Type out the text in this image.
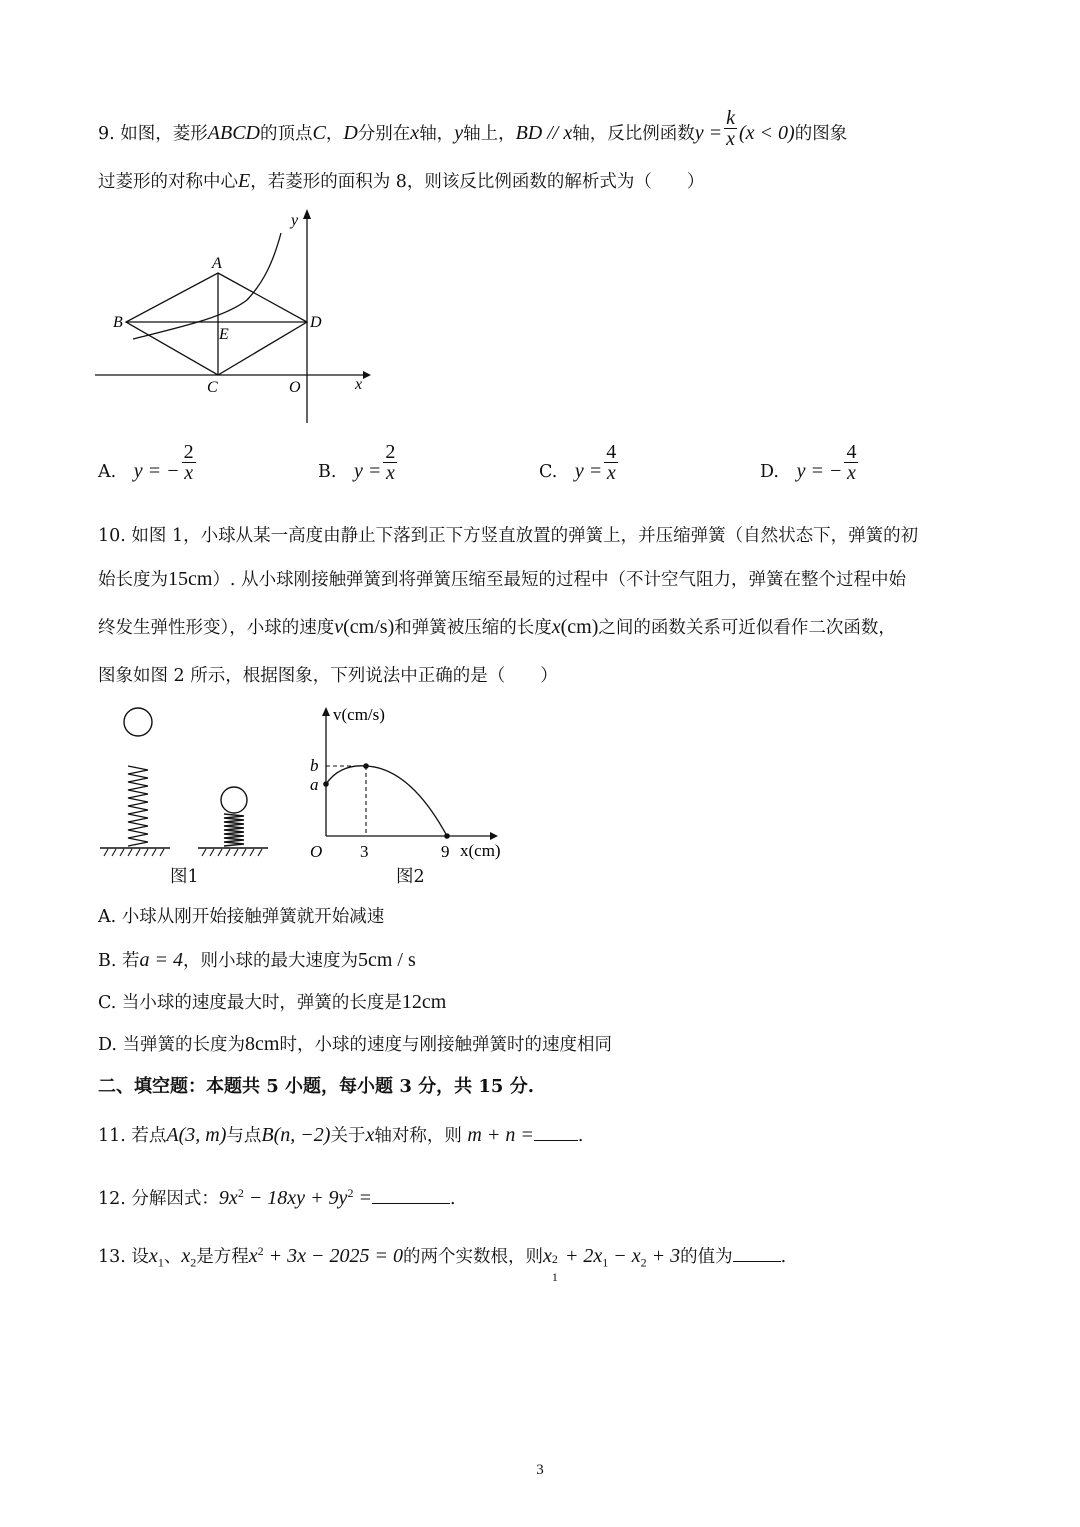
9. 如图，菱形ABCD的顶点C，D分别在x轴，y轴上，BD // x轴，反比例函数$y = \frac{k}{x} (x < 0)$的图象
过菱形的对称中心E，若菱形的面积为 8，则该反比例函数的解析式为（　　）
A
B
C
D
E
O	x
y
A. y = − $\frac{2}{x}$	B. $y = \frac{2}{x}$	C. $y = \frac{4}{x}$	D. y = − $\frac{4}{x}$
10. 如图 1，小球从某一高度由静止下落到正下方竖直放置的弹簧上，并压缩弹簧（自然状态下，弹簧的初
始长度为15cm）. 从小球刚接触弹簧到将弹簧压缩至最短的过程中（不计空气阻力，弹簧在整个过程中始
终发生弹性形变），小球的速度v(cm/s)和弹簧被压缩的长度x(cm)之间的函数关系可近似看作二次函数，
图象如图 2 所示，根据图象，下列说法中正确的是（　　）
图1
v(cm/s)
x(cm)
O
b
a
3	9
图2
A. 小球从刚开始接触弹簧就开始减速
B. 若a = 4，则小球的最大速度为5cm / s
C. 当小球的速度最大时，弹簧的长度是12cm
D. 当弹簧的长度为8cm时，小球的速度与刚接触弹簧时的速度相同
二、填空题：本题共 5 小题，每小题 3 分，共 15 分.
11. 若点A(3, m)与点B(n, −2)关于x轴对称，则 m + n =	.
12. 分解因式：$9x^2 - 18xy + 9y^2$ =	.
13. 设$x_1$、$x_2$是方程$x^2 + 3x - 2025 = 0$的两个实数根，则x 2
1
+ $2x_1 - x_2 + 3$的值为	.
3
